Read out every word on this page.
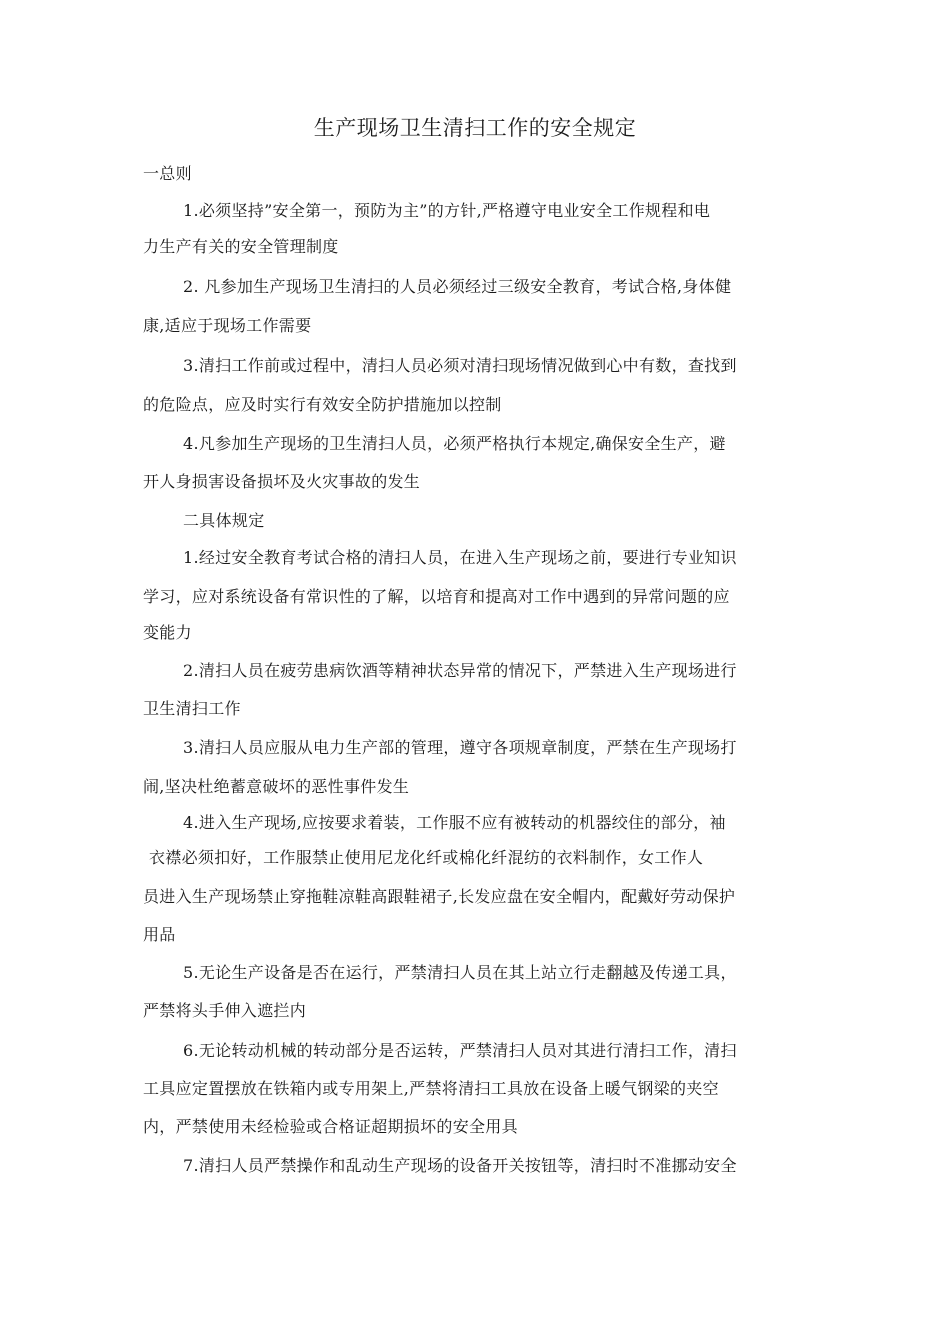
生产现场卫生清扫工作的安全规定
一总则
1.必须坚持”安全第一，预防为主”的方针,严格遵守电业安全工作规程和电
力生产有关的安全管理制度
2. 凡参加生产现场卫生清扫的人员必须经过三级安全教育，考试合格,身体健
康,适应于现场工作需要
3.清扫工作前或过程中，清扫人员必须对清扫现场情况做到心中有数，查找到
的危险点，应及时实行有效安全防护措施加以控制
4.凡参加生产现场的卫生清扫人员，必须严格执行本规定,确保安全生产，避
开人身损害设备损坏及火灾事故的发生
二具体规定
1.经过安全教育考试合格的清扫人员，在进入生产现场之前，要进行专业知识
学习，应对系统设备有常识性的了解，以培育和提高对工作中遇到的异常问题的应
变能力
2.清扫人员在疲劳患病饮酒等精神状态异常的情况下，严禁进入生产现场进行
卫生清扫工作
3.清扫人员应服从电力生产部的管理，遵守各项规章制度，严禁在生产现场打
闹,坚决杜绝蓄意破坏的恶性事件发生
4.进入生产现场,应按要求着装，工作服不应有被转动的机器绞住的部分，袖
衣襟必须扣好，工作服禁止使用尼龙化纤或棉化纤混纺的衣料制作，女工作人
员进入生产现场禁止穿拖鞋凉鞋高跟鞋裙子,长发应盘在安全帽内，配戴好劳动保护
用品
5.无论生产设备是否在运行，严禁清扫人员在其上站立行走翻越及传递工具，
严禁将头手伸入遮拦内
6.无论转动机械的转动部分是否运转，严禁清扫人员对其进行清扫工作，清扫
工具应定置摆放在铁箱内或专用架上,严禁将清扫工具放在设备上暖气钢梁的夹空
内，严禁使用未经检验或合格证超期损坏的安全用具
7.清扫人员严禁操作和乱动生产现场的设备开关按钮等，清扫时不准挪动安全
